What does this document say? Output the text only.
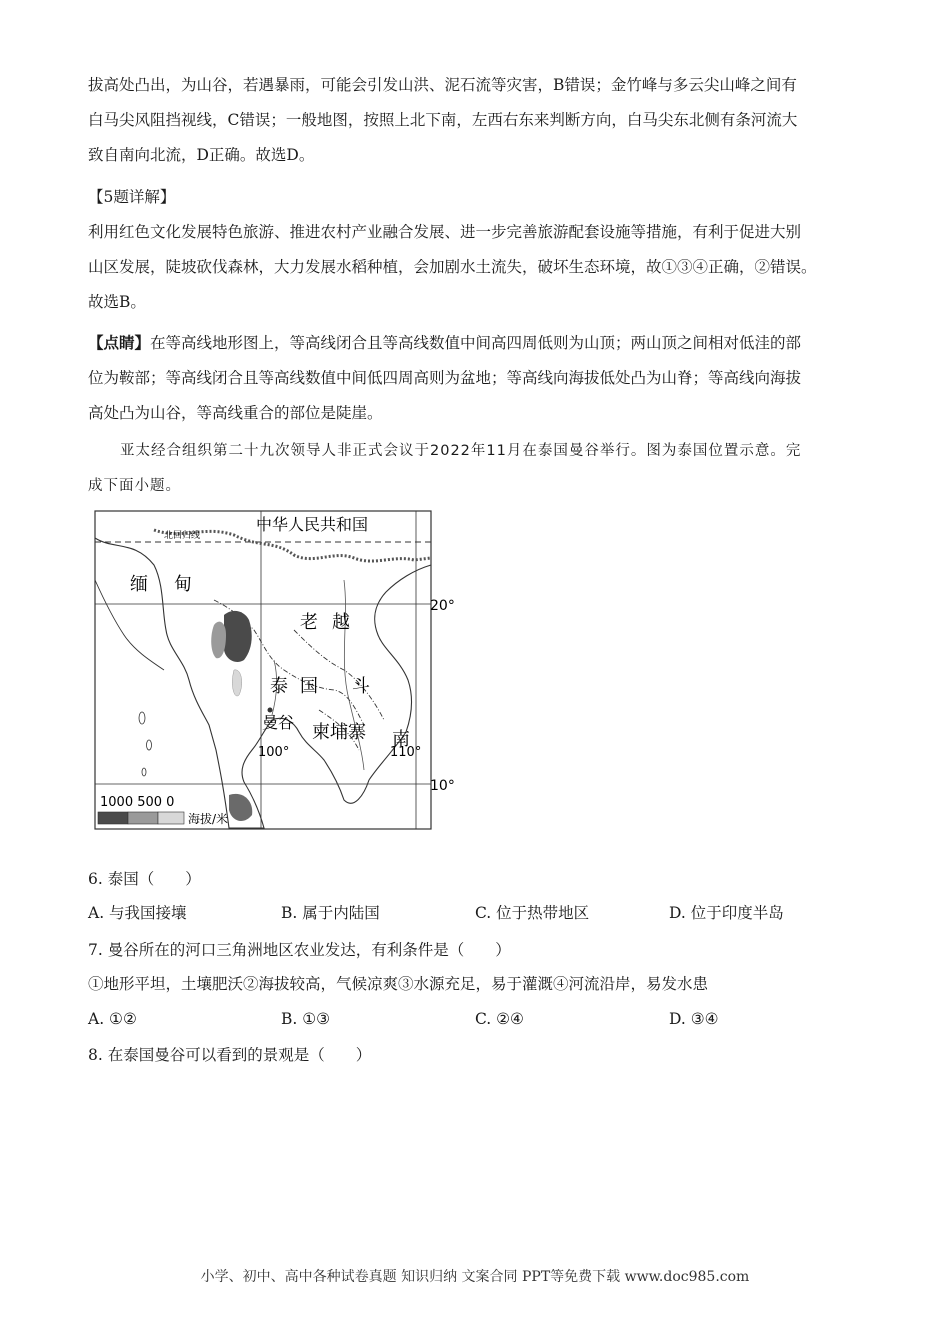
拔高处凸出，为山谷，若遇暴雨，可能会引发山洪、泥石流等灾害，B错误；金竹峰与多云尖山峰之间有
白马尖风阻挡视线，C错误；一般地图，按照上北下南，左西右东来判断方向，白马尖东北侧有条河流大
致自南向北流，D正确。故选D。
【5题详解】
利用红色文化发展特色旅游、推进农村产业融合发展、进一步完善旅游配套设施等措施，有利于促进大别
山区发展，陡坡砍伐森林，大力发展水稻种植，会加剧水土流失，破坏生态环境，故①③④正确，②错误。
故选B。
【点睛】在等高线地形图上，等高线闭合且等高线数值中间高四周低则为山顶；两山顶之间相对低洼的部
位为鞍部；等高线闭合且等高线数值中间低四周高则为盆地；等高线向海拔低处凸为山脊；等高线向海拔
高处凸为山谷，等高线重合的部位是陡崖。
亚太经合组织第二十九次领导人非正式会议于2022年11月在泰国曼谷举行。图为泰国位置示意。完
成下面小题。
中华人民共和国
北回归线
缅 甸
老 越
斗
南
泰 国
柬埔寨
曼谷
20°
10°
100°	110°
1000 500 0
海拔/米
6. 泰国（　　）
A. 与我国接壤	B. 属于内陆国	C. 位于热带地区	D. 位于印度半岛
7. 曼谷所在的河口三角洲地区农业发达，有利条件是（　　）
①地形平坦，土壤肥沃②海拔较高，气候凉爽③水源充足，易于灌溉④河流沿岸，易发水患
A. ①②	B. ①③	C. ②④	D. ③④
8. 在泰国曼谷可以看到的景观是（　　）
小学、初中、高中各种试卷真题 知识归纳 文案合同 PPT等免费下载 www.doc985.com
